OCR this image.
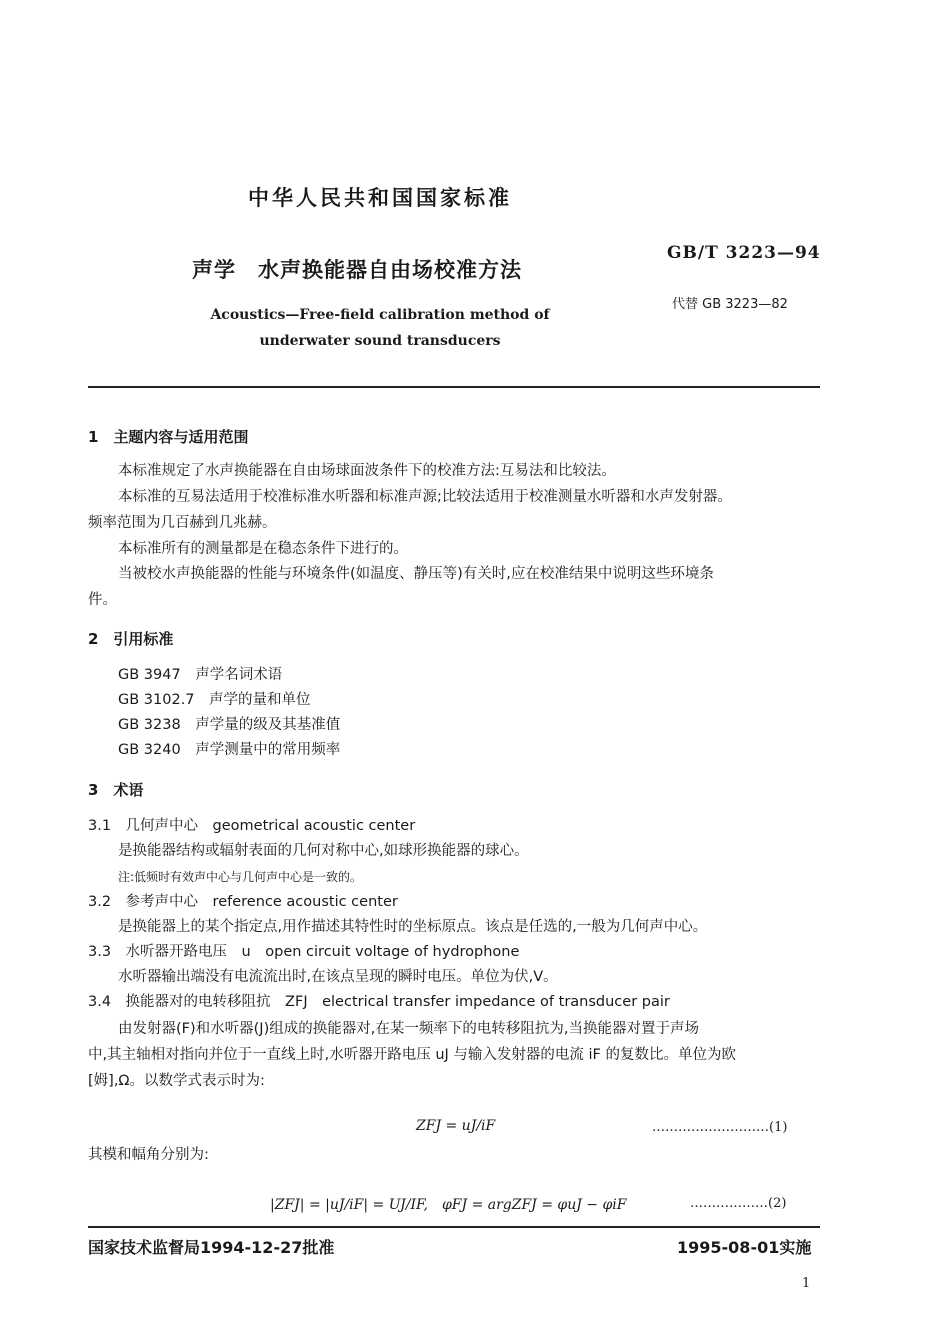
中华人民共和国国家标准
声学　水声换能器自由场校准方法
GB/T 3223—94
代替 GB 3223—82
Acoustics—Free-field calibration method of
underwater sound transducers
1　主题内容与适用范围
本标准规定了水声换能器在自由场球面波条件下的校准方法:互易法和比较法。
本标准的互易法适用于校准标准水听器和标准声源;比较法适用于校准测量水听器和水声发射器。
频率范围为几百赫到几兆赫。
本标准所有的测量都是在稳态条件下进行的。
当被校水声换能器的性能与环境条件(如温度、静压等)有关时,应在校准结果中说明这些环境条
件。
2　引用标准
GB 3947　声学名词术语
GB 3102.7　声学的量和单位
GB 3238　声学量的级及其基准值
GB 3240　声学测量中的常用频率
3　术语
3.1　几何声中心　geometrical acoustic center
是换能器结构或辐射表面的几何对称中心,如球形换能器的球心。
注:低频时有效声中心与几何声中心是一致的。
3.2　参考声中心　reference acoustic center
是换能器上的某个指定点,用作描述其特性时的坐标原点。该点是任选的,一般为几何声中心。
3.3　水听器开路电压　u　open circuit voltage of hydrophone
水听器输出端没有电流流出时,在该点呈现的瞬时电压。单位为伏,V。
3.4　换能器对的电转移阻抗　ZFJ　electrical transfer impedance of transducer pair
由发射器(F)和水听器(J)组成的换能器对,在某一频率下的电转移阻抗为,当换能器对置于声场
中,其主轴相对指向并位于一直线上时,水听器开路电压 uJ 与输入发射器的电流 iF 的复数比。单位为欧
[姆],Ω。以数学式表示时为:
ZFJ = uJ/iF	………………………(1)
其模和幅角分别为:
|ZFJ| = |uJ/iF| = UJ/IF,　φFJ = argZFJ = φuJ − φiF	………………(2)
国家技术监督局1994-12-27批准	1995-08-01实施
1
